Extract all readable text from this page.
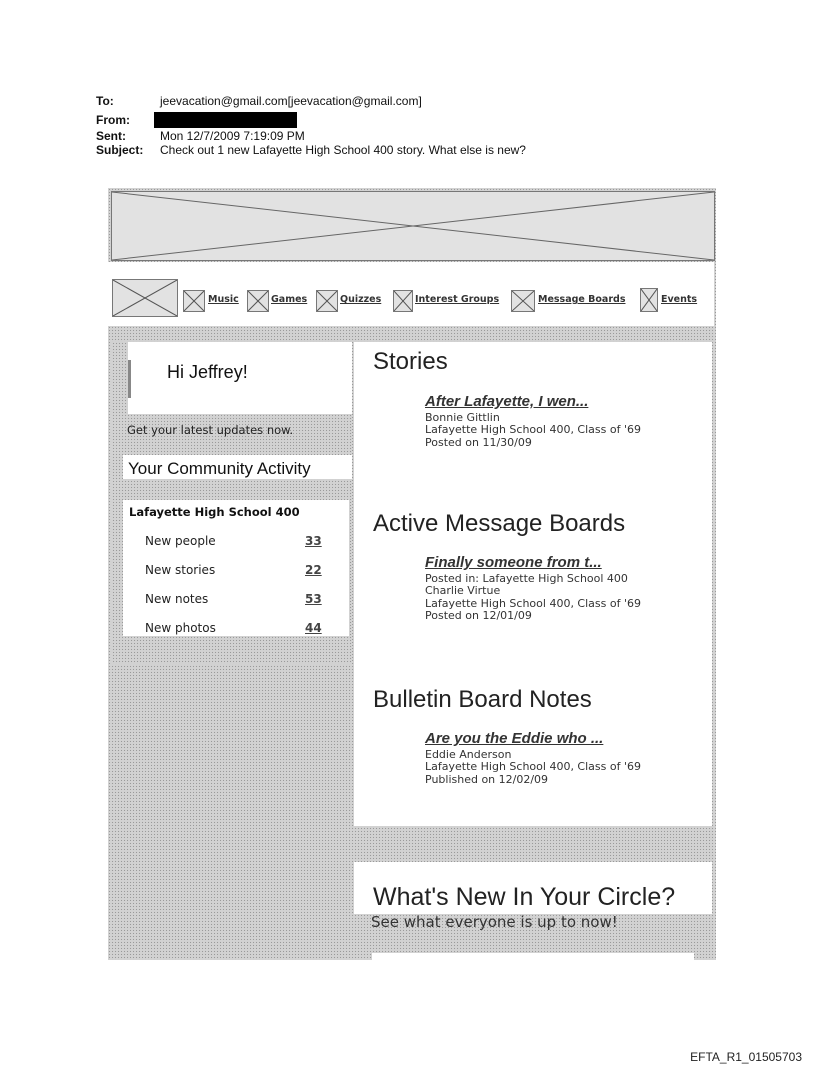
To:	jeevacation@gmail.com[jeevacation@gmail.com]
From:
Sent:	Mon 12/7/2009 7:19:09 PM
Subject: Check out 1 new Lafayette High School 400 story. What else is new?
Music	Games	Quizzes	Interest Groups	Message Boards	Events
Hi Jeffrey!
Get your latest updates now.
Your Community Activity
Lafayette High School 400
New people	33
New stories	22
New notes	53
New photos	44
Stories
After Lafayette, I wen...
Bonnie Gittlin
Lafayette High School 400, Class of '69
Posted on 11/30/09
Active Message Boards
Finally someone from t...
Posted in: Lafayette High School 400
Charlie Virtue
Lafayette High School 400, Class of '69
Posted on 12/01/09
Bulletin Board Notes
Are you the Eddie who ...
Eddie Anderson
Lafayette High School 400, Class of '69
Published on 12/02/09
What's New In Your Circle?
See what everyone is up to now!
EFTA_R1_01505703
